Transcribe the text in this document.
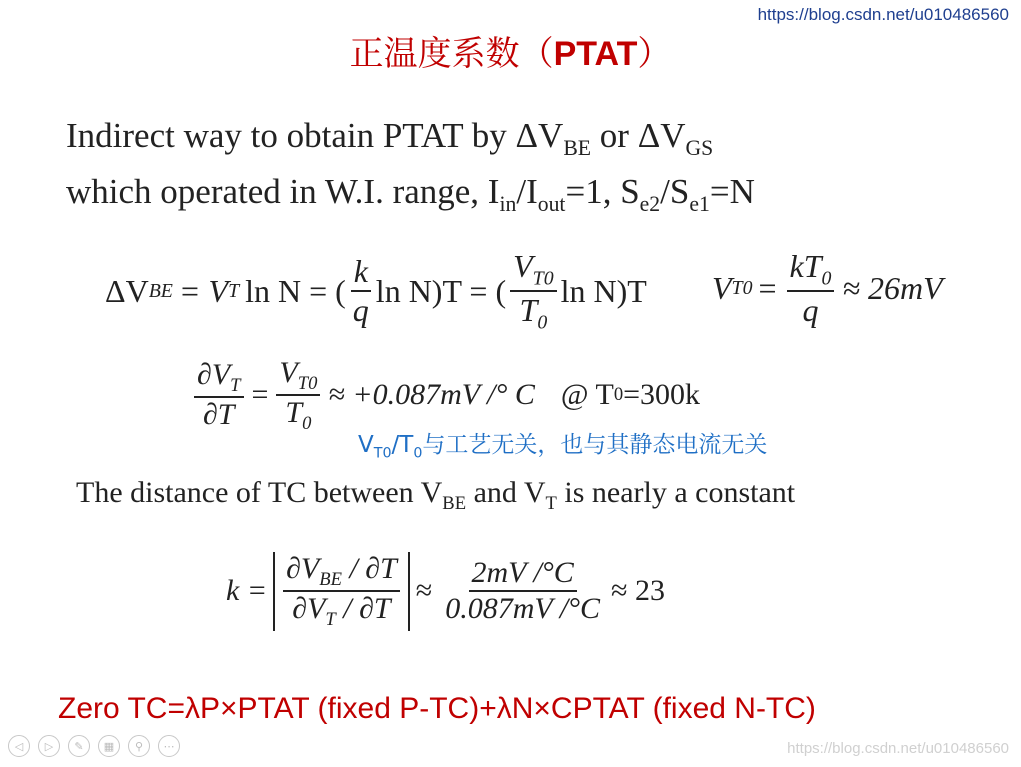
https://blog.csdn.net/u010486560
正温度系数（PTAT）
Indirect way to obtain PTAT by $\Delta V_{BE}$ or $\Delta V_{GS}$
which operated in W.I. range, $I_{in}/I_{out}=1$, $S_{e2}/S_{e1}=N$
ΔV BE = V T ln N = ( $\frac{k}{q}$ ln N)T = ( $\frac{V_{T0}}{T_0}$ ln N)T V $T0 = \frac{kT_0}{q} \approx 26mV$
$\frac{\partial V_T}{\partial T} = \frac{V_{T0}}{T_0} \approx +0.087mV$ /° C @ T 0 =300k
$V_{T0}/T_0$与工艺无关，也与其静态电流无关
The distance of TC between $V_{BE}$ and $V_T$ is nearly a constant
$k = \frac{\partial V_{BE} / \partial T}{\partial V_T / \partial T} \approx \frac{2mV /^\circ C}{0.087mV /^\circ C} \approx 23$
Zero TC=λP×PTAT (fixed P-TC)+λN×CPTAT (fixed N-TC)
◁	▷	✎	▦	⚲	⋯	https://blog.csdn.net/u010486560
